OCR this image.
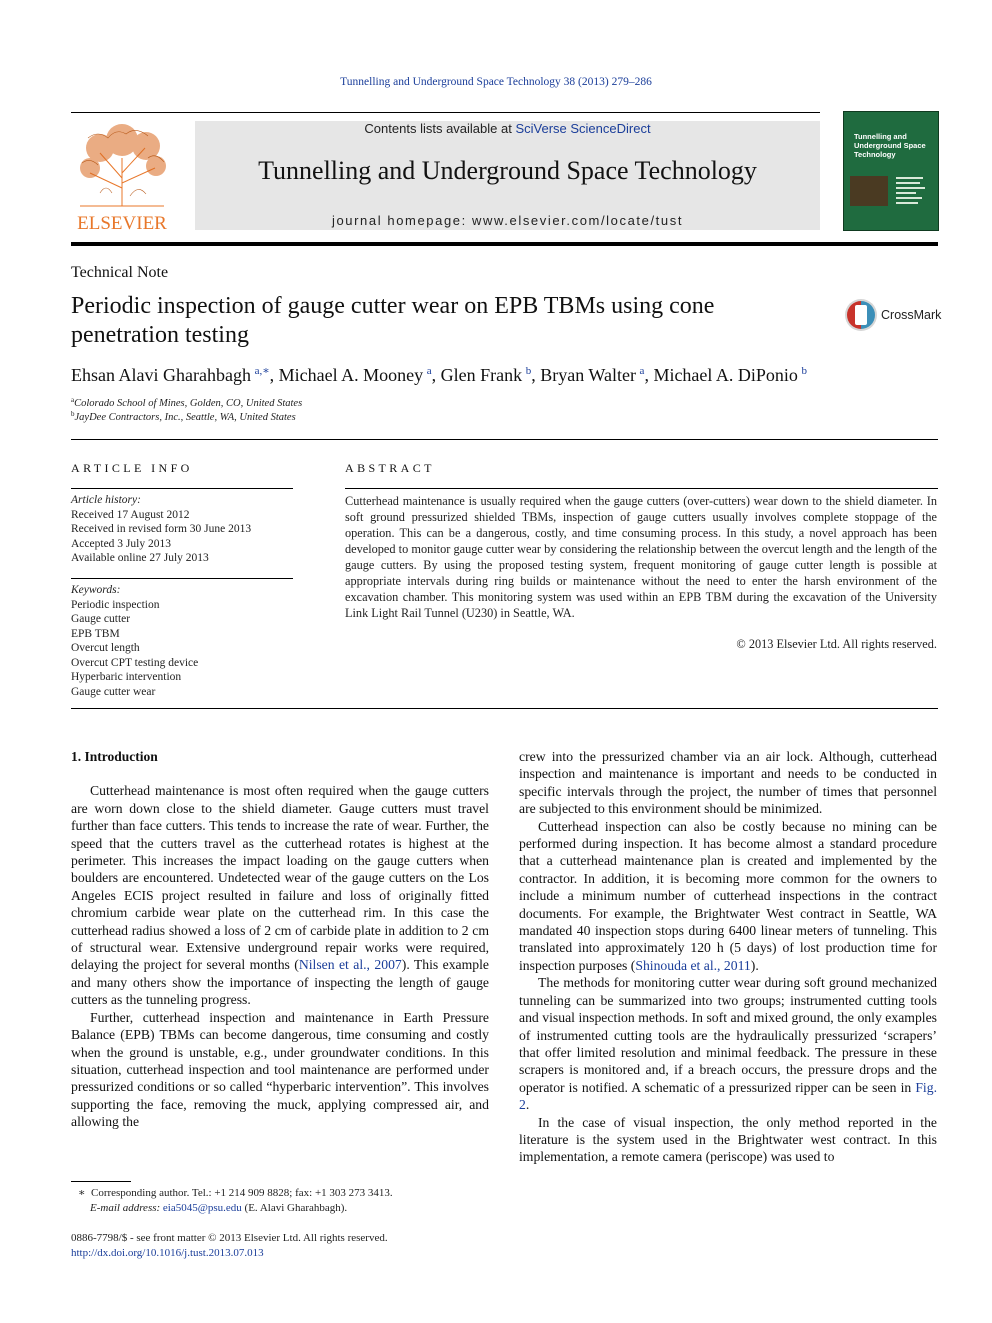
Tunnelling and Underground Space Technology 38 (2013) 279–286
ELSEVIER
Contents lists available at SciVerse ScienceDirect
Tunnelling and Underground Space Technology
journal homepage: www.elsevier.com/locate/tust
Tunnelling and Underground Space Technology
Technical Note
Periodic inspection of gauge cutter wear on EPB TBMs using cone penetration testing
CrossMark
Ehsan Alavi Gharahbagh  $^{a,∗}$, Michael A. Mooney  $^a$, Glen Frank  $^b$, Bryan Walter  $^a$, Michael A. DiPonio  $^b$
$^a$Colorado School of Mines, Golden, CO, United States
$^b$JayDee Contractors, Inc., Seattle, WA, United States
ARTICLE INFO
Article history:
Received 17 August 2012
Received in revised form 30 June 2013
Accepted 3 July 2013
Available online 27 July 2013
Keywords:
Periodic inspection
Gauge cutter
EPB TBM
Overcut length
Overcut CPT testing device
Hyperbaric intervention
Gauge cutter wear
ABSTRACT
Cutterhead maintenance is usually required when the gauge cutters (over-cutters) wear down to the shield diameter. In soft ground pressurized shielded TBMs, inspection of gauge cutters usually involves complete stoppage of the operation. This can be a dangerous, costly, and time consuming process. In this study, a novel approach has been developed to monitor gauge cutter wear by considering the relationship between the overcut length and the length of the gauge cutters. By using the proposed testing system, frequent monitoring of gauge cutter length is possible at appropriate intervals during ring builds or maintenance without the need to enter the harsh environment of the excavation chamber. This monitoring system was used within an EPB TBM during the excavation of the University Link Light Rail Tunnel (U230) in Seattle, WA.
© 2013 Elsevier Ltd. All rights reserved.

1. Introduction

Cutterhead maintenance is most often required when the gauge cutters are worn down close to the shield diameter. Gauge cutters must travel further than face cutters. This tends to increase the rate of wear. Further, the speed that the cutters travel as the cutterhead rotates is highest at the perimeter. This increases the impact loading on the gauge cutters when boulders are encountered. Undetected wear of the gauge cutters on the Los Angeles ECIS project resulted in failure and loss of originally fitted chromium carbide wear plate on the cutterhead rim. In this case the cutterhead radius showed a loss of 2 cm of carbide plate in addition to 2 cm of structural wear. Extensive underground repair works were required, delaying the project for several months (Nilsen et al., 2007). This example and many others show the importance of inspecting the length of gauge cutters as the tunneling progress.

Further, cutterhead inspection and maintenance in Earth Pressure Balance (EPB) TBMs can become dangerous, time consuming and costly when the ground is unstable, e.g., under groundwater conditions. In this situation, cutterhead inspection and tool maintenance are performed under pressurized conditions or so called “hyperbaric intervention”. This involves supporting the face, removing the muck, applying compressed air, and allowing the

crew into the pressurized chamber via an air lock. Although, cutterhead inspection and maintenance is important and needs to be conducted in specific intervals through the project, the number of times that personnel are subjected to this environment should be minimized.

Cutterhead inspection can also be costly because no mining can be performed during inspection. It has become almost a standard procedure that a cutterhead maintenance plan is created and implemented by the contractor. In addition, it is becoming more common for the owners to include a minimum number of cutterhead inspections in the contract documents. For example, the Brightwater West contract in Seattle, WA mandated 40 inspection stops during 6400 linear meters of tunneling. This translated into approximately 120 h (5 days) of lost production time for inspection purposes (Shinouda et al., 2011).

The methods for monitoring cutter wear during soft ground mechanized tunneling can be summarized into two groups; instrumented cutting tools and visual inspection methods. In soft and mixed ground, the only examples of instrumented cutting tools are the hydraulically pressurized ‘scrapers’ that offer limited resolution and minimal feedback. The pressure in these scrapers is monitored and, if a breach occurs, the pressure drops and the operator is notified. A schematic of a pressurized ripper can be seen in Fig. 2.

In the case of visual inspection, the only method reported in the literature is the system used in the Brightwater west contract. In this implementation, a remote camera (periscope) was used to

∗ Corresponding author. Tel.: +1 214 909 8828; fax: +1 303 273 3413.
E-mail address: eia5045@psu.edu (E. Alavi Gharahbagh).
0886-7798/$ - see front matter © 2013 Elsevier Ltd. All rights reserved.
http://dx.doi.org/10.1016/j.tust.2013.07.013
